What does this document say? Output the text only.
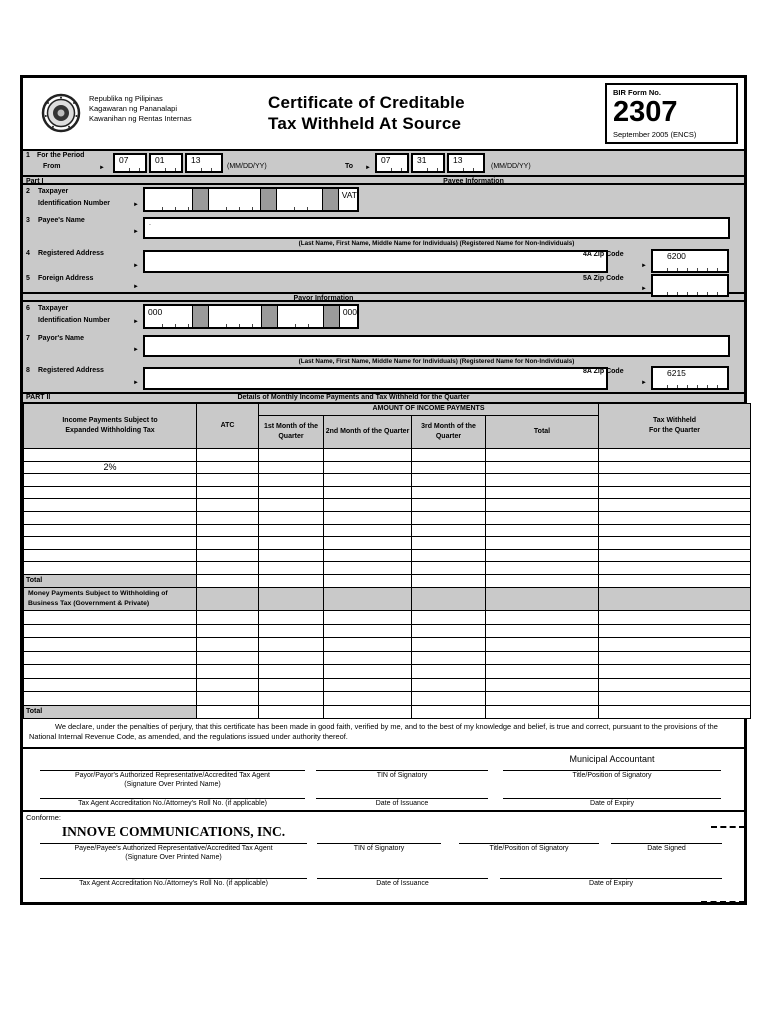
Republika ng Pilipinas
Kagawaran ng Pananalapi
Kawanihan ng Rentas Internas
Certificate of Creditable
Tax Withheld At Source
BIR Form No.
2307
September 2005 (ENCS)
1 For the Period
From	►
07	01	13
(MM/DD/YY)	To ►
07	31	13
(MM/DD/YY)
Part I	Payee Information
2 Taxpayer
Identification Number	►
VAT
3 Payee's Name
►
.
(Last Name, First Name, Middle Name for Individuals) (Registered Name for Non-Individuals)
4 Registered Address
►
4A Zip Code
►
6200
5 Foreign Address
►
5A Zip Code
►
Payor Information
6 Taxpayer
Identification Number	►
000	000
7 Payor's Name
►
(Last Name, First Name, Middle Name for Individuals) (Registered Name for Non-Individuals)
8 Registered Address
►
8A Zip Code
►
6215
PART II	Details of Monthly Income Payments and Tax Withheld for the Quarter
Income Payments Subject to
Expanded Withholding Tax	ATC	AMOUNT OF INCOME PAYMENTS				Tax Withheld
For the Quarter
		1st Month of the Quarter	2nd Month of the Quarter	3rd Month of the Quarter	Total	

2%						

Total						
Money Payments Subject to Withholding of Business Tax (Government & Private)						

Total						

We declare, under the penalties of perjury, that this certificate has been made in good faith, verified by me, and to the best of my knowledge and belief, is true and correct, pursuant to the provisions of the National Internal Revenue Code, as amended, and the regulations issued under authority thereof.

Municipal Accountant
Payor/Payor's Authorized Representative/Accredited Tax Agent
(Signature Over Printed Name)
TIN of Signatory	Title/Position of Signatory
Tax Agent Accreditation No./Attorney's Roll No. (if applicable)	Date of Issuance	Date of Expiry
Conforme:
INNOVE COMMUNICATIONS, INC.
Payee/Payee's Authorized Representative/Accredited Tax Agent
(Signature Over Printed Name)
TIN of Signatory	Title/Position of Signatory	Date Signed
Tax Agent Accreditation No./Attorney's Roll No. (if applicable)	Date of Issuance	Date of Expiry
